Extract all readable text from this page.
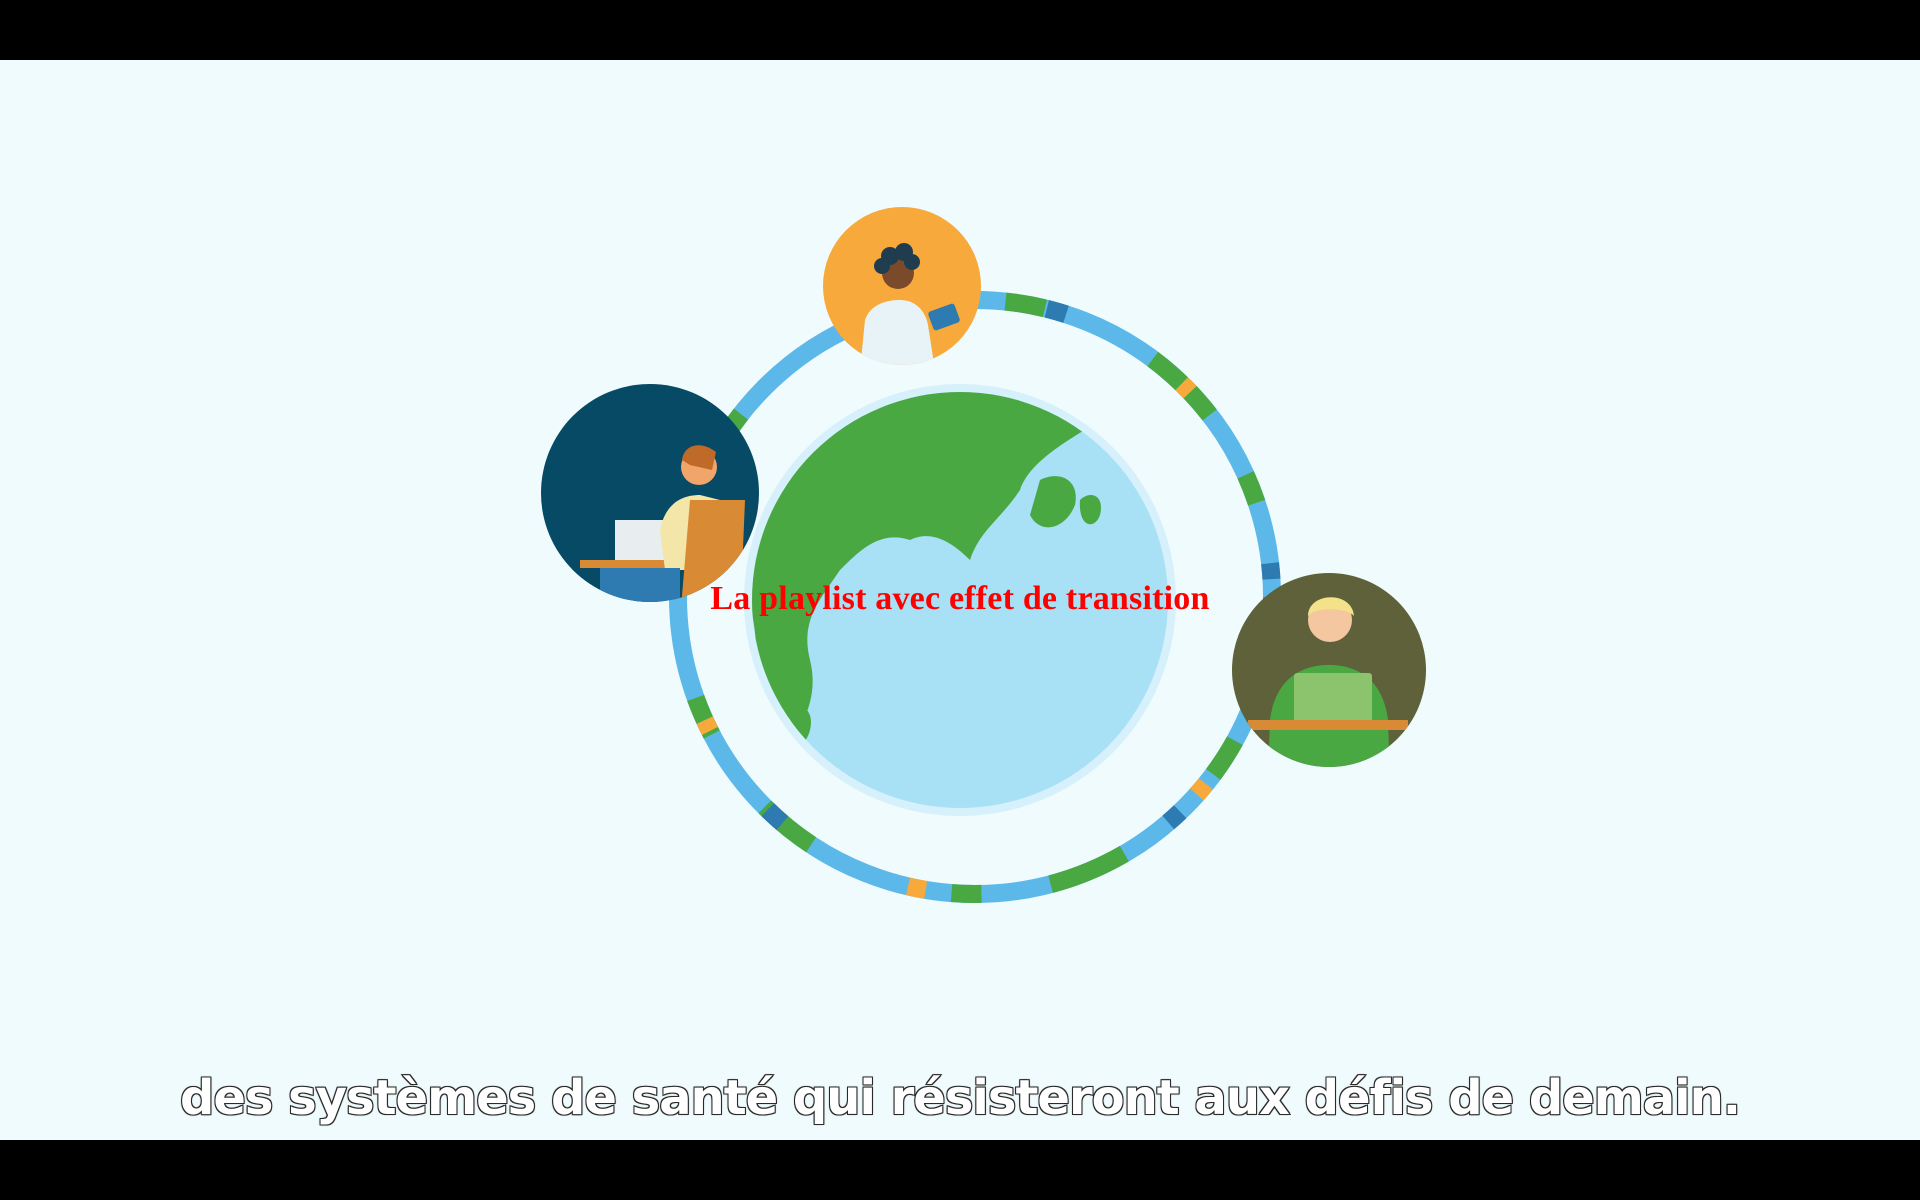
La playlist avec effet de transition
des systèmes de santé qui résisteront aux défis de demain.
